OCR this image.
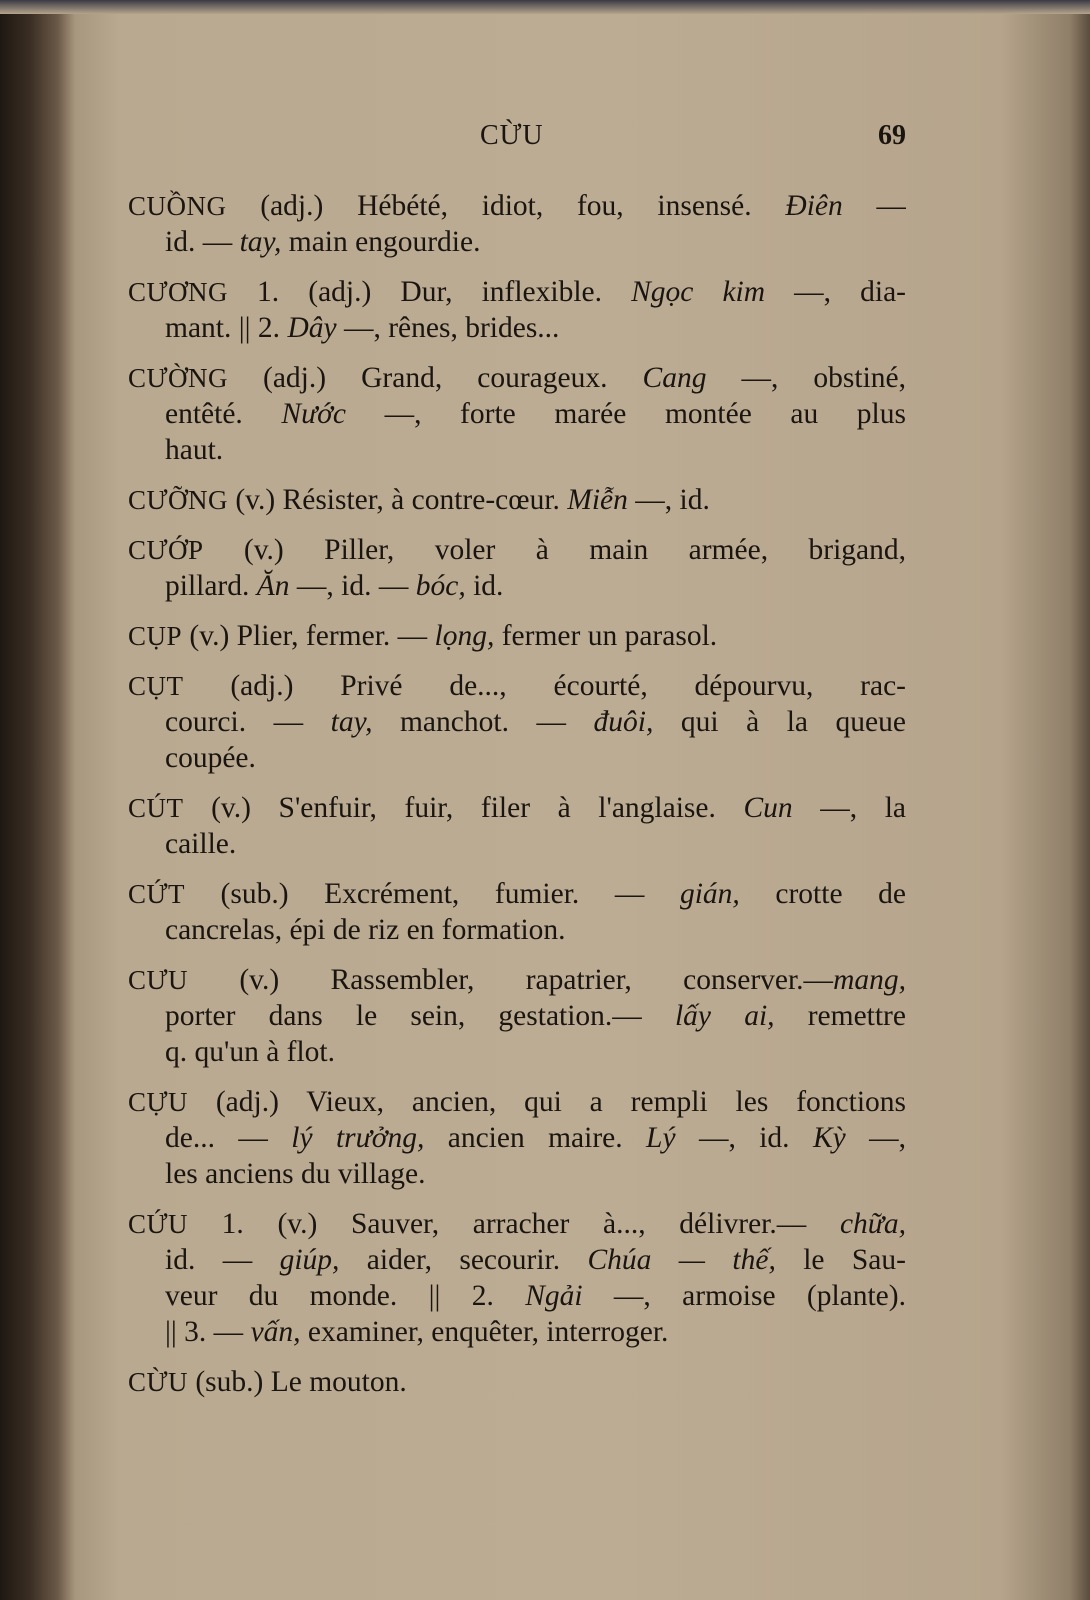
CỪU	69
CUỒNG (adj.) Hébété, idiot, fou, insensé. Điên —
id. — tay, main engourdie.
CƯƠNG 1. (adj.) Dur, inflexible. Ngọc kim —, dia-
mant. || 2. Dây —, rênes, brides...
CƯỜNG (adj.) Grand, courageux. Cang —, obstiné,
entêté. Nước —, forte marée montée au plus
haut.
CƯỠNG (v.) Résister, à contre-cœur. Miễn —, id.
CƯỚP (v.) Piller, voler à main armée, brigand,
pillard. Ăn —, id. — bóc, id.
CỤP (v.) Plier, fermer. — lọng, fermer un parasol.
CỤT (adj.) Privé de..., écourté, dépourvu, rac-
courci. — tay, manchot. — đuôi, qui à la queue
coupée.
CÚT (v.) S'enfuir, fuir, filer à l'anglaise. Cun —, la
caille.
CỨT (sub.) Excrément, fumier. — gián, crotte de
cancrelas, épi de riz en formation.
CƯU (v.) Rassembler, rapatrier, conserver.—mang,
porter dans le sein, gestation.— lấy ai, remettre
q. qu'un à flot.
CỰU (adj.) Vieux, ancien, qui a rempli les fonctions
de... — lý trưởng, ancien maire. Lý —, id. Kỳ —,
les anciens du village.
CỨU 1. (v.) Sauver, arracher à..., délivrer.— chữa,
id. — giúp, aider, secourir. Chúa — thế, le Sau-
veur du monde. || 2. Ngải —, armoise (plante).
|| 3. — vấn, examiner, enquêter, interroger.
CỪU (sub.) Le mouton.
